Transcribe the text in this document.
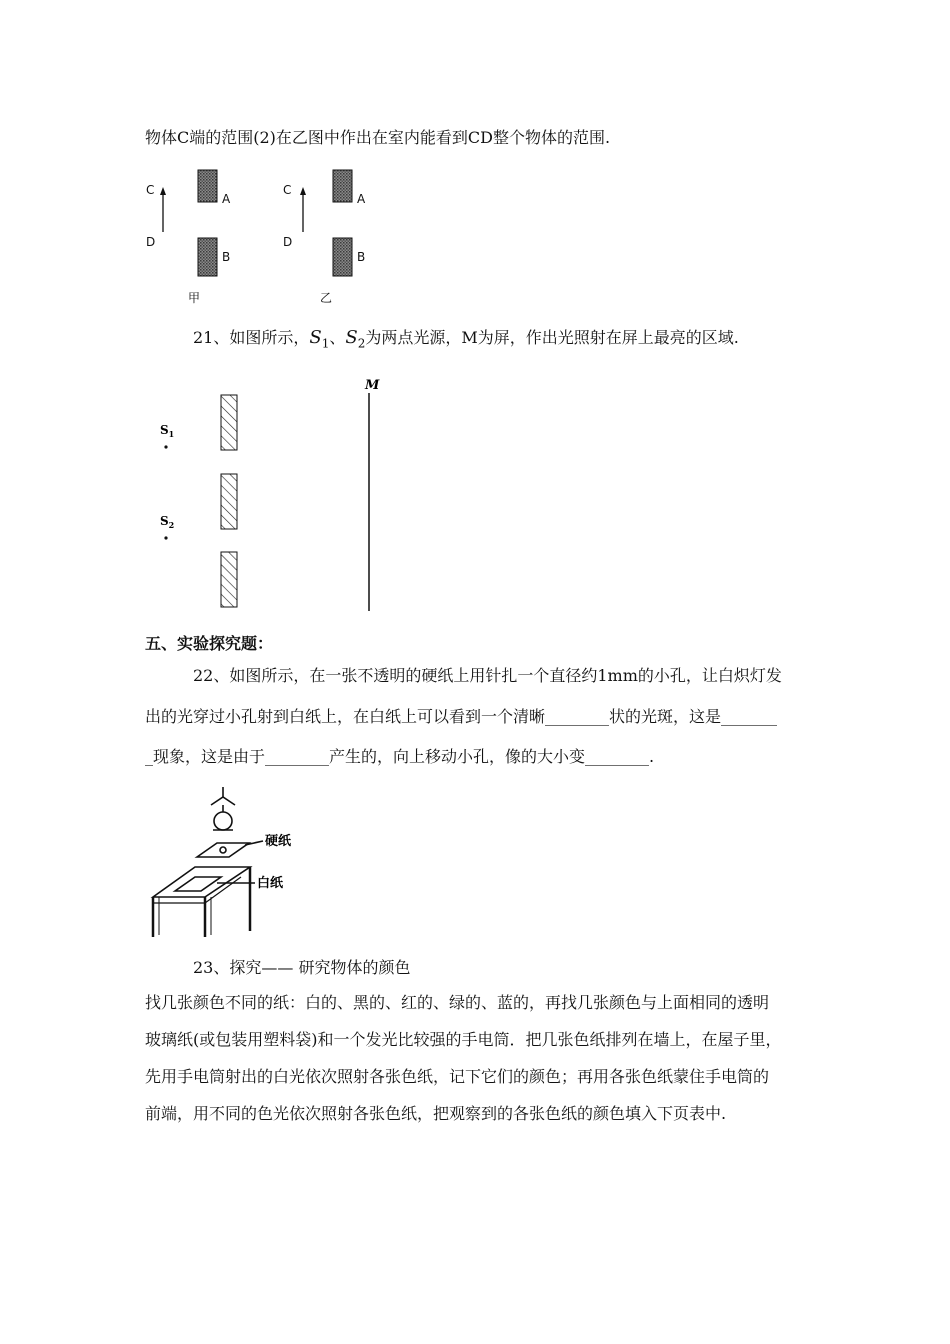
物体C端的范围(2)在乙图中作出在室内能看到CD整个物体的范围.
C
D
A
B
甲
C
D
A
B
乙
21、如图所示，$S_1$、$S_2$为两点光源，M为屏，作出光照射在屏上最亮的区域.
M
$S_1$
$S_2$
五、实验探究题：
22、如图所示，在一张不透明的硬纸上用针扎一个直径约1mm的小孔，让白炽灯发
出的光穿过小孔射到白纸上，在白纸上可以看到一个清晰________状的光斑，这是_______
_现象，这是由于________产生的，向上移动小孔，像的大小变________.
硬纸
白纸
23、探究—— 研究物体的颜色
找几张颜色不同的纸：白的、黑的、红的、绿的、蓝的，再找几张颜色与上面相同的透明
玻璃纸(或包装用塑料袋)和一个发光比较强的手电筒．把几张色纸排列在墙上，在屋子里，
先用手电筒射出的白光依次照射各张色纸，记下它们的颜色；再用各张色纸蒙住手电筒的
前端，用不同的色光依次照射各张色纸，把观察到的各张色纸的颜色填入下页表中.
